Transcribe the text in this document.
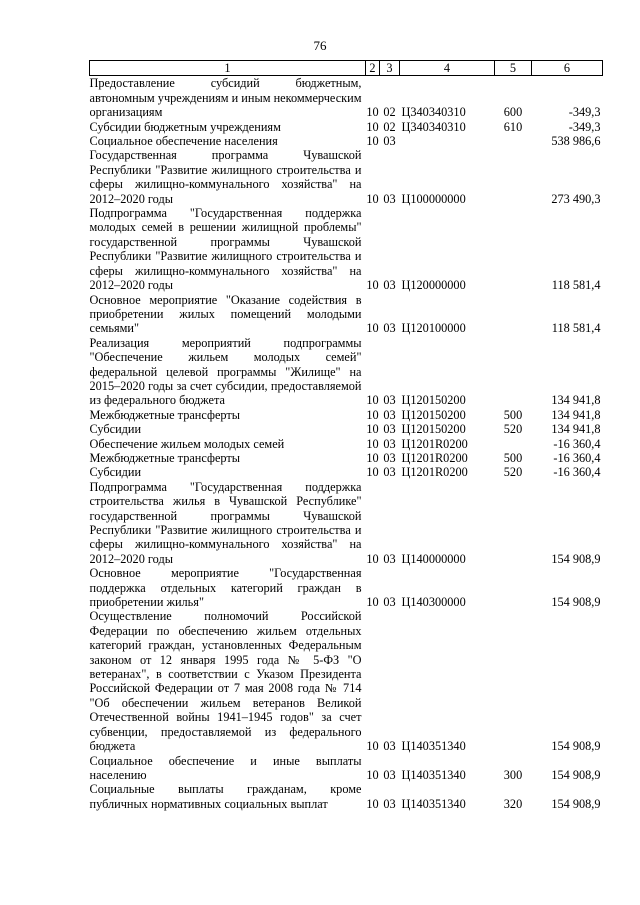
76
1	2	3	4	5	6
Предоставление субсидий бюджетным, автономным учреждениям и иным некоммерческим организациям	10	02	Ц340340310	600	-349,3
Субсидии бюджетным учреждениям	10	02	Ц340340310	610	-349,3
Социальное обеспечение населения	10	03			538 986,6
Государственная программа Чувашской Республики "Развитие жилищного строительства и сферы жилищно-коммунального хозяйства" на 2012–2020 годы	10	03	Ц100000000		273 490,3
Подпрограмма "Государственная поддержка молодых семей в решении жилищной проблемы" государственной программы Чувашской Республики "Развитие жилищного строительства и сферы жилищно-коммунального хозяйства" на 2012–2020 годы	10	03	Ц120000000		118 581,4
Основное мероприятие "Оказание содействия в приобретении жилых помещений молодыми семьями"	10	03	Ц120100000		118 581,4
Реализация мероприятий подпрограммы "Обеспечение жильем молодых семей" федеральной целевой программы "Жилище" на 2015–2020 годы за счет субсидии, предоставляемой из федерального бюджета	10	03	Ц120150200		134 941,8
Межбюджетные трансферты	10	03	Ц120150200	500	134 941,8
Субсидии	10	03	Ц120150200	520	134 941,8
Обеспечение жильем молодых семей	10	03	Ц1201R0200		-16 360,4
Межбюджетные трансферты	10	03	Ц1201R0200	500	-16 360,4
Субсидии	10	03	Ц1201R0200	520	-16 360,4
Подпрограмма "Государственная поддержка строительства жилья в Чувашской Республике" государственной программы Чувашской Республики "Развитие жилищного строительства и сферы жилищно-коммунального хозяйства" на 2012–2020 годы	10	03	Ц140000000		154 908,9
Основное мероприятие "Государственная поддержка отдельных категорий граждан в приобретении жилья"	10	03	Ц140300000		154 908,9
Осуществление полномочий Российской Федерации по обеспечению жильем отдельных категорий граждан, установленных Федеральным законом от 12 января 1995 года № 5-ФЗ "О ветеранах", в соответствии с Указом Президента Российской Федерации от 7 мая 2008 года № 714 "Об обеспечении жильем ветеранов Великой Отечественной войны 1941–1945 годов" за счет субвенции, предоставляемой из федерального бюджета	10	03	Ц140351340		154 908,9
Социальное обеспечение и иные выплаты населению	10	03	Ц140351340	300	154 908,9
Социальные выплаты гражданам, кроме публичных нормативных социальных выплат	10	03	Ц140351340	320	154 908,9
